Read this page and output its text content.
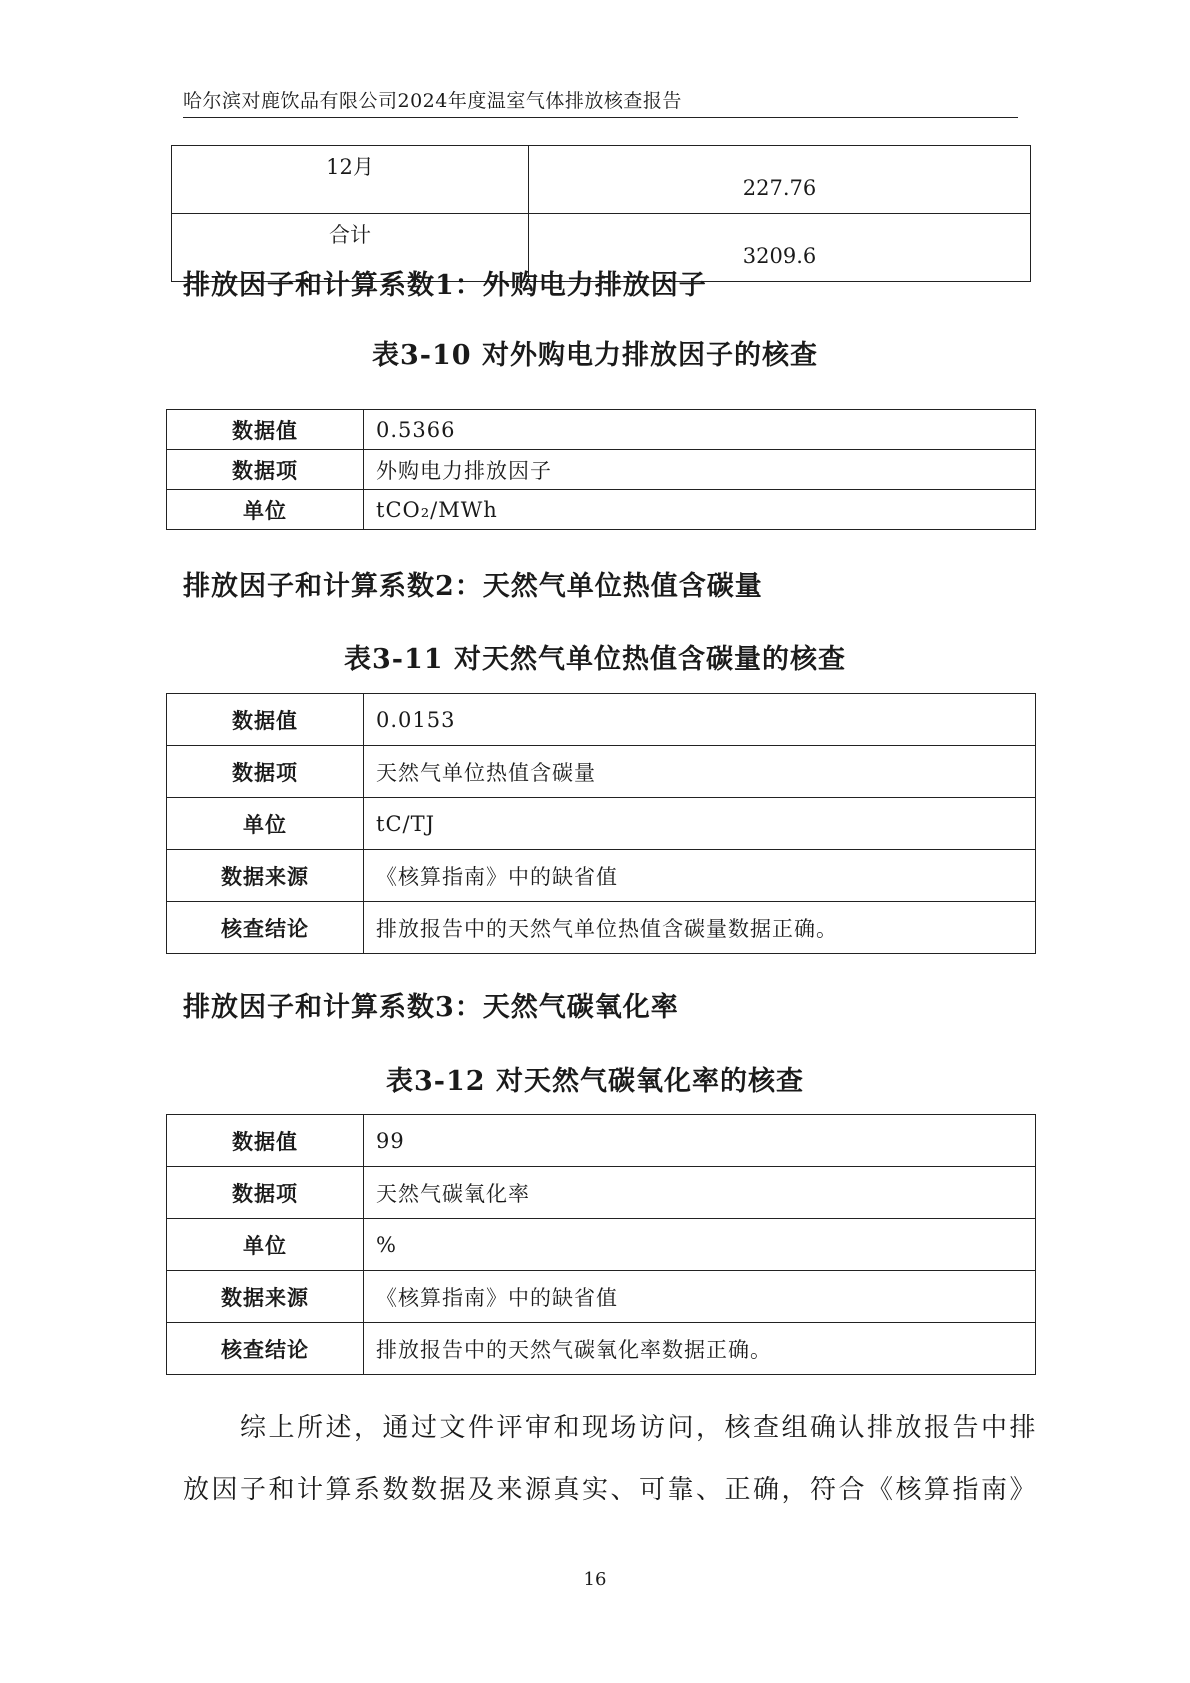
哈尔滨对鹿饮品有限公司2024年度温室气体排放核查报告
12月	227.76
合计	3209.6
排放因子和计算系数1：外购电力排放因子
表3-10 对外购电力排放因子的核查
数据值	0.5366
数据项	外购电力排放因子
单位	tCO₂/MWh
排放因子和计算系数2：天然气单位热值含碳量
表3-11 对天然气单位热值含碳量的核查
数据值	0.0153
数据项	天然气单位热值含碳量
单位	tC/TJ
数据来源	《核算指南》中的缺省值
核查结论	排放报告中的天然气单位热值含碳量数据正确。
排放因子和计算系数3：天然气碳氧化率
表3-12 对天然气碳氧化率的核查
数据值	99
数据项	天然气碳氧化率
单位	%
数据来源	《核算指南》中的缺省值
核查结论	排放报告中的天然气碳氧化率数据正确。
　　综上所述，通过文件评审和现场访问，核查组确认排放报告中排
放因子和计算系数数据及来源真实、可靠、正确，符合《核算指南》
16
